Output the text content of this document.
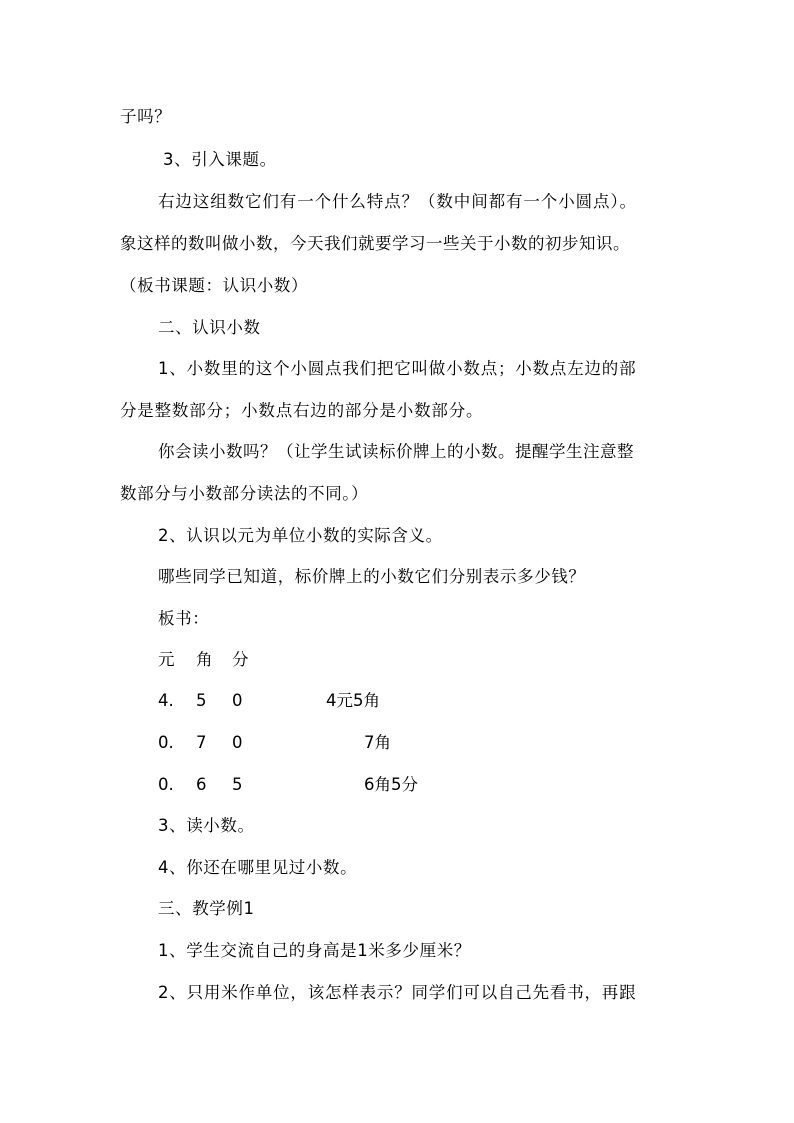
子吗？
3、引入课题。
右边这组数它们有一个什么特点？（数中间都有一个小圆点）。
象这样的数叫做小数，今天我们就要学习一些关于小数的初步知识。
（板书课题：认识小数）
二、认识小数
1、小数里的这个小圆点我们把它叫做小数点；小数点左边的部
分是整数部分；小数点右边的部分是小数部分。
你会读小数吗？（让学生试读标价牌上的小数。提醒学生注意整
数部分与小数部分读法的不同。）
2、认识以元为单位小数的实际含义。
哪些同学已知道，标价牌上的小数它们分别表示多少钱？
板书：
元 角 分
4. 5 0	4元5角
0. 7 0	7角
0. 6 5	6角5分
3、读小数。
4、你还在哪里见过小数。
三、教学例1
1、学生交流自己的身高是1米多少厘米？
2、只用米作单位，该怎样表示？同学们可以自己先看书，再跟
